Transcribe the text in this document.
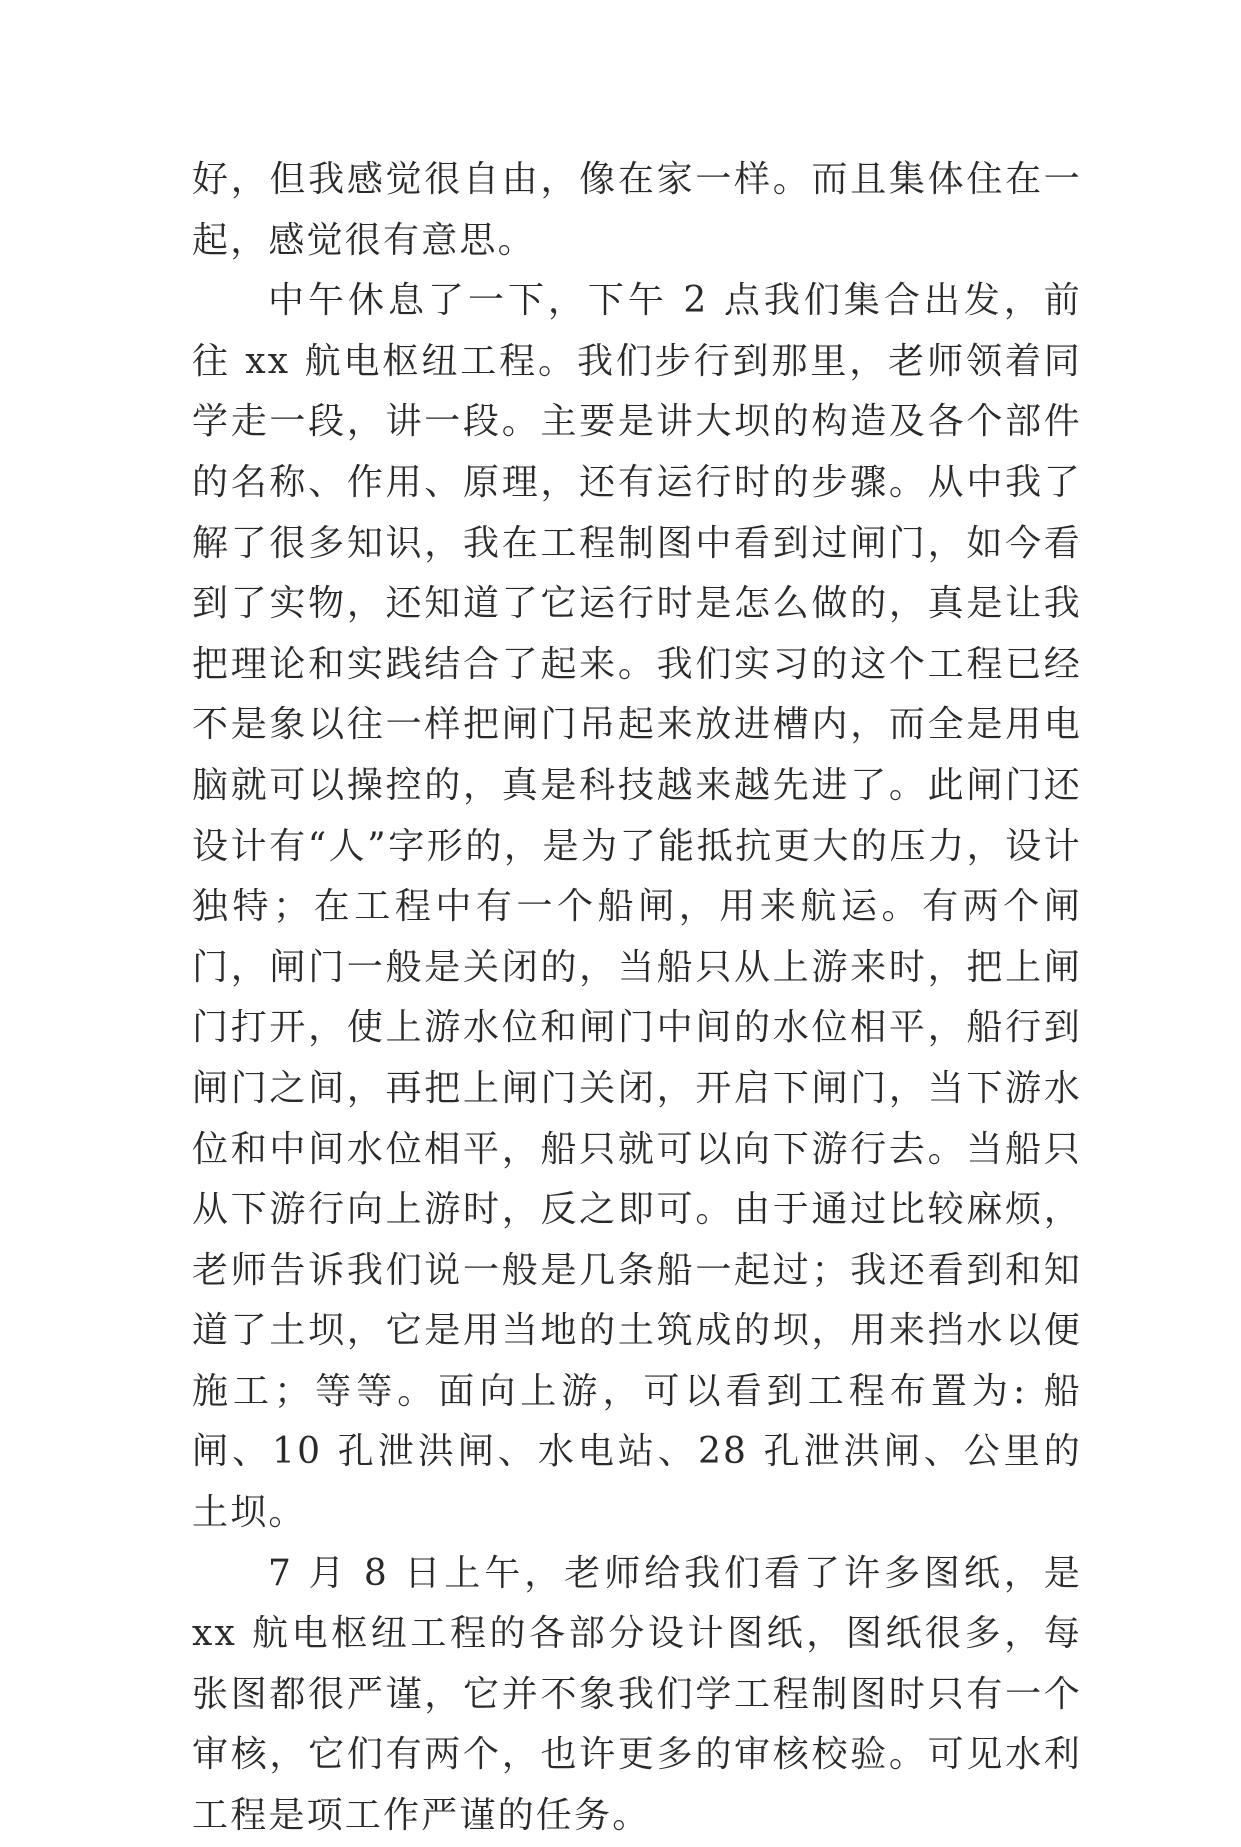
好，但我感觉很自由，像在家一样。而且集体住在一起，感觉很有意思。

中午休息了一下，下午 2 点我们集合出发，前往 xx 航电枢纽工程。我们步行到那里，老师领着同学走一段，讲一段。主要是讲大坝的构造及各个部件的名称、作用、原理，还有运行时的步骤。从中我了解了很多知识，我在工程制图中看到过闸门，如今看到了实物，还知道了它运行时是怎么做的，真是让我把理论和实践结合了起来。我们实习的这个工程已经不是象以往一样把闸门吊起来放进槽内，而全是用电脑就可以操控的，真是科技越来越先进了。此闸门还设计有“人”字形的，是为了能抵抗更大的压力，设计独特；在工程中有一个船闸，用来航运。有两个闸门，闸门一般是关闭的，当船只从上游来时，把上闸门打开，使上游水位和闸门中间的水位相平，船行到闸门之间，再把上闸门关闭，开启下闸门，当下游水位和中间水位相平，船只就可以向下游行去。当船只从下游行向上游时，反之即可。由于通过比较麻烦，老师告诉我们说一般是几条船一起过；我还看到和知道了土坝，它是用当地的土筑成的坝，用来挡水以便施工；等等。面向上游，可以看到工程布置为: 船闸、10 孔泄洪闸、水电站、28 孔泄洪闸、公里的土坝。

7 月 8 日上午，老师给我们看了许多图纸，是 xx 航电枢纽工程的各部分设计图纸，图纸很多，每张图都很严谨，它并不象我们学工程制图时只有一个审核，它们有两个，也许更多的审核校验。可见水利工程是项工作严谨的任务。
